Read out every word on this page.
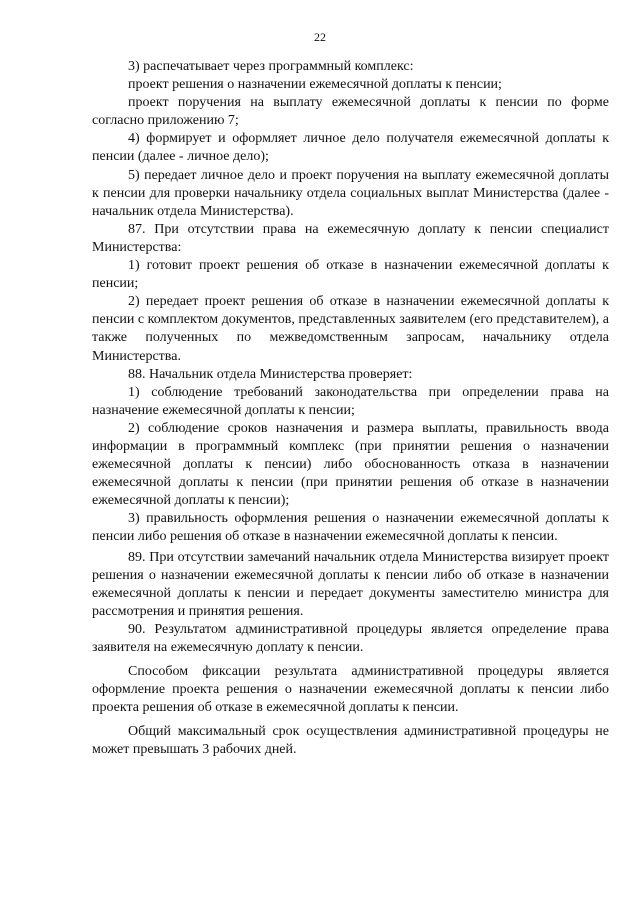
22

3) распечатывает через программный комплекс:

проект решения о назначении ежемесячной доплаты к пенсии;

проект поручения на выплату ежемесячной доплаты к пенсии по форме согласно приложению 7;

4) формирует и оформляет личное дело получателя ежемесячной доплаты к пенсии (далее - личное дело);

5) передает личное дело и проект поручения на выплату ежемесячной доплаты к пенсии для проверки начальнику отдела социальных выплат Министерства (далее - начальник отдела Министерства).

87. При отсутствии права на ежемесячную доплату к пенсии специалист Министерства:

1) готовит проект решения об отказе в назначении ежемесячной доплаты к пенсии;

2) передает проект решения об отказе в назначении ежемесячной доплаты к пенсии с комплектом документов, представленных заявителем (его представителем), а также полученных по межведомственным запросам, начальнику отдела Министерства.

88. Начальник отдела Министерства проверяет:

1) соблюдение требований законодательства при определении права на назначение ежемесячной доплаты к пенсии;

2) соблюдение сроков назначения и размера выплаты, правильность ввода информации в программный комплекс (при принятии решения о назначении ежемесячной доплаты к пенсии) либо обоснованность отказа в назначении ежемесячной доплаты к пенсии (при принятии решения об отказе в назначении ежемесячной доплаты к пенсии);

3) правильность оформления решения о назначении ежемесячной доплаты к пенсии либо решения об отказе в назначении ежемесячной доплаты к пенсии.

89. При отсутствии замечаний начальник отдела Министерства визирует проект решения о назначении ежемесячной доплаты к пенсии либо об отказе в назначении ежемесячной доплаты к пенсии и передает документы заместителю министра для рассмотрения и принятия решения.

90. Результатом административной процедуры является определение права заявителя на ежемесячную доплату к пенсии.

Способом фиксации результата административной процедуры является оформление проекта решения о назначении ежемесячной доплаты к пенсии либо проекта решения об отказе в ежемесячной доплаты к пенсии.

Общий максимальный срок осуществления административной процедуры не может превышать 3 рабочих дней.
